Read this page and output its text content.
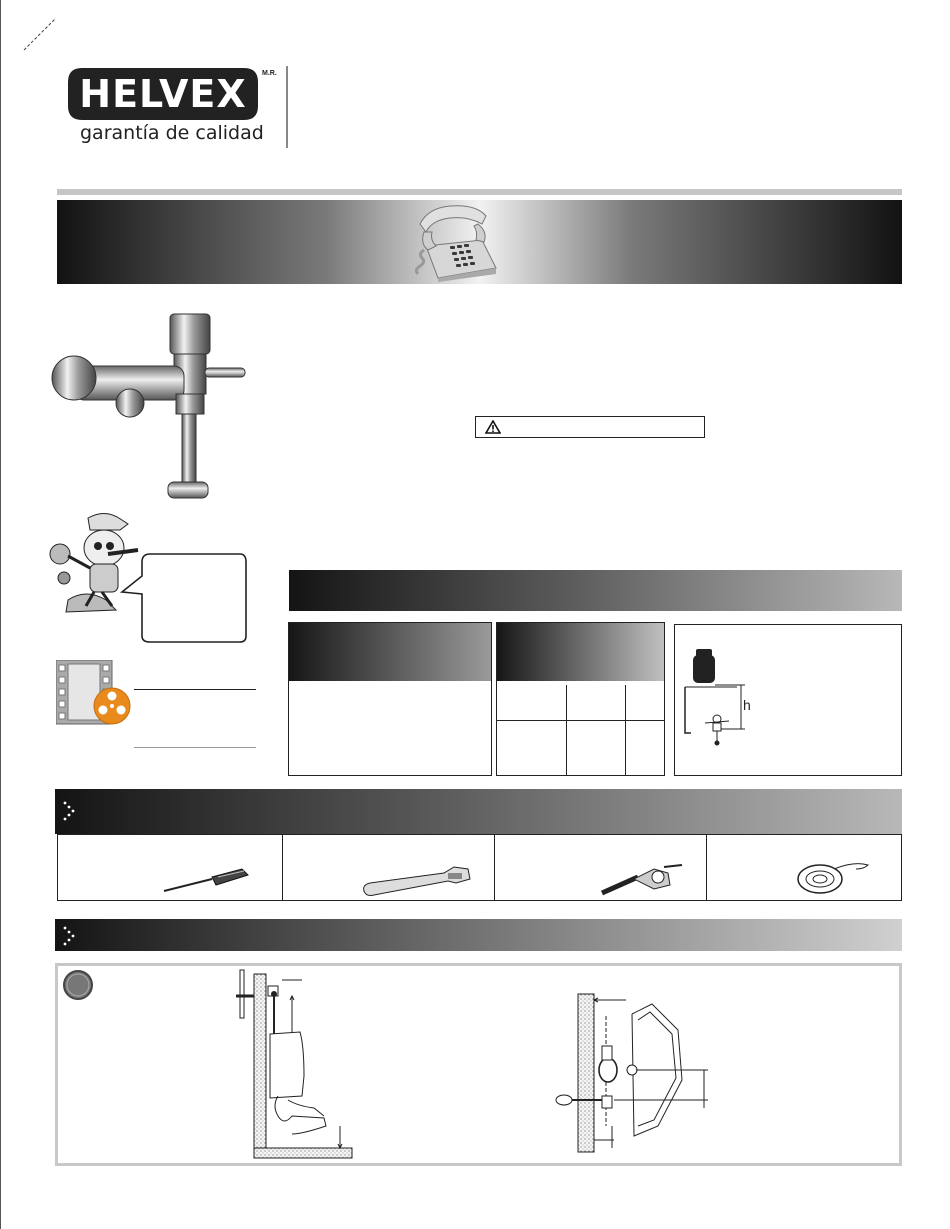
HELVEX	M.R.
garantía de calidad
h
